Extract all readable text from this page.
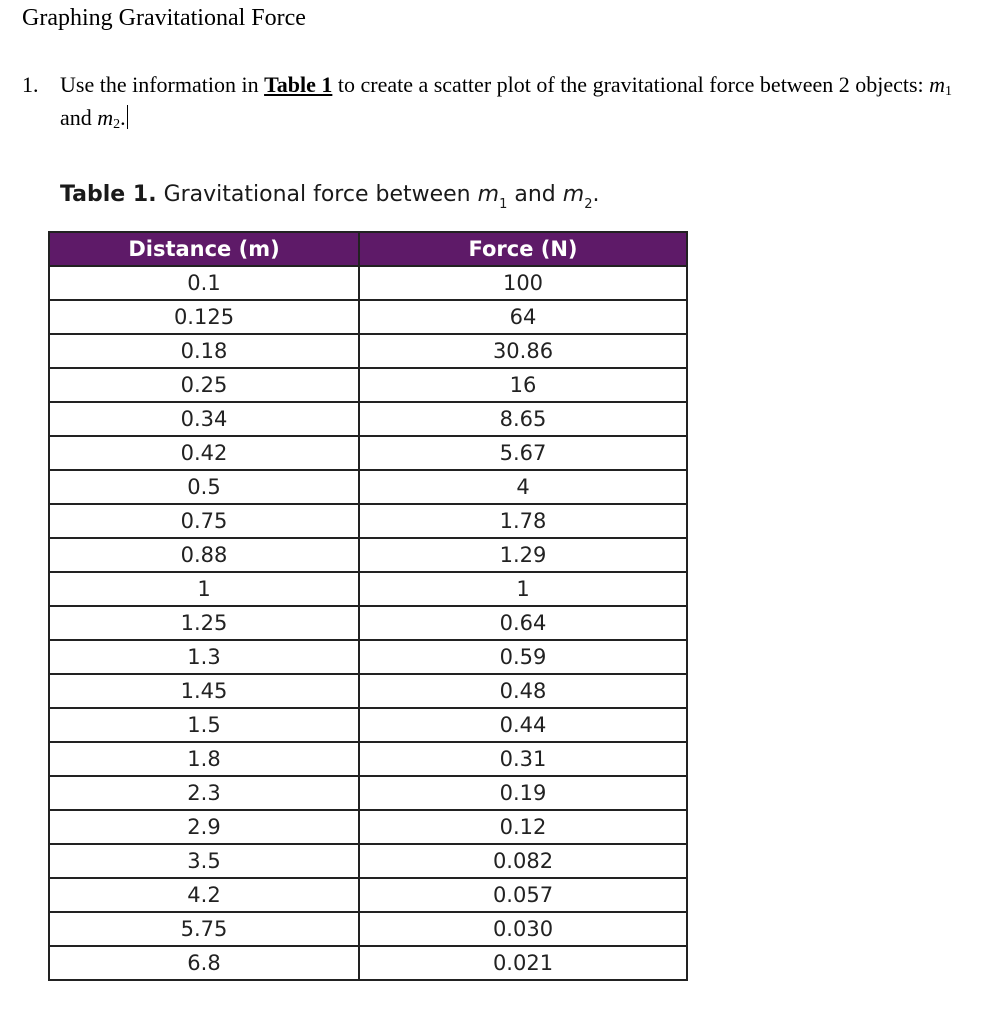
Graphing Gravitational Force
1. Use the information in Table 1 to create a scatter plot of the gravitational force between 2 objects: $m_1$ and $m_2$.
Table 1. Gravitational force between $m_1$ and $m_2$.
Distance (m)	Force (N)
0.1	100
0.125	64
0.18	30.86
0.25	16
0.34	8.65
0.42	5.67
0.5	4
0.75	1.78
0.88	1.29
1	1
1.25	0.64
1.3	0.59
1.45	0.48
1.5	0.44
1.8	0.31
2.3	0.19
2.9	0.12
3.5	0.082
4.2	0.057
5.75	0.030
6.8	0.021
